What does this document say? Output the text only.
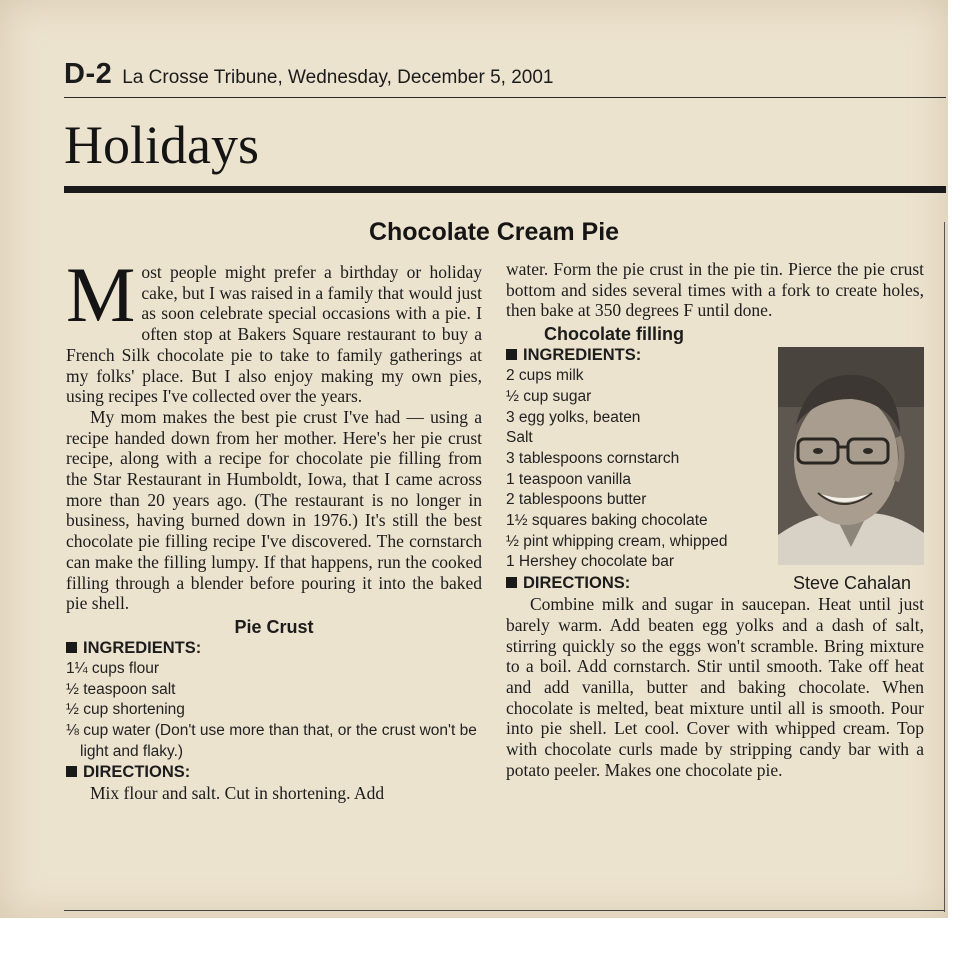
D-2 La Crosse Tribune, Wednesday, December 5, 2001
Holidays
Chocolate Cream Pie
M ost people might prefer a birthday or holiday cake, but I was raised in a family that would just as soon celebrate special occasions with a pie. I often stop at Bakers Square restaurant to buy a French Silk chocolate pie to take to family gatherings at my folks' place. But I also enjoy making my own pies, using recipes I've collected over the years.

My mom makes the best pie crust I've had — using a recipe handed down from her mother. Here's her pie crust recipe, along with a recipe for chocolate pie filling from the Star Restaurant in Humboldt, Iowa, that I came across more than 20 years ago. (The restaurant is no longer in business, having burned down in 1976.) It's still the best chocolate pie filling recipe I've discovered. The cornstarch can make the filling lumpy. If that happens, run the cooked filling through a blender before pouring it into the baked pie shell.

Pie Crust
INGREDIENTS:
1¼ cups flour
½ teaspoon salt
½ cup shortening
⅛ cup water (Don't use more than that, or the crust won't be light and flaky.)
DIRECTIONS:

Mix flour and salt. Cut in shortening. Add

water. Form the pie crust in the pie tin. Pierce the pie crust bottom and sides several times with a fork to create holes, then bake at 350 degrees F until done.

Chocolate filling
INGREDIENTS:
2 cups milk
½ cup sugar
3 egg yolks, beaten
Salt
3 tablespoons cornstarch
1 teaspoon vanilla
2 tablespoons butter
1½ squares baking chocolate
½ pint whipping cream, whipped
1 Hershey chocolate bar
DIRECTIONS:

Combine milk and sugar in saucepan. Heat until just barely warm. Add beaten egg yolks and a dash of salt, stirring quickly so the eggs won't scramble. Bring mixture to a boil. Add cornstarch. Stir until smooth. Take off heat and add vanilla, butter and baking chocolate. When chocolate is melted, beat mixture until all is smooth. Pour into pie shell. Let cool. Cover with whipped cream. Top with chocolate curls made by stripping candy bar with a potato peeler. Makes one chocolate pie.

Steve Cahalan
